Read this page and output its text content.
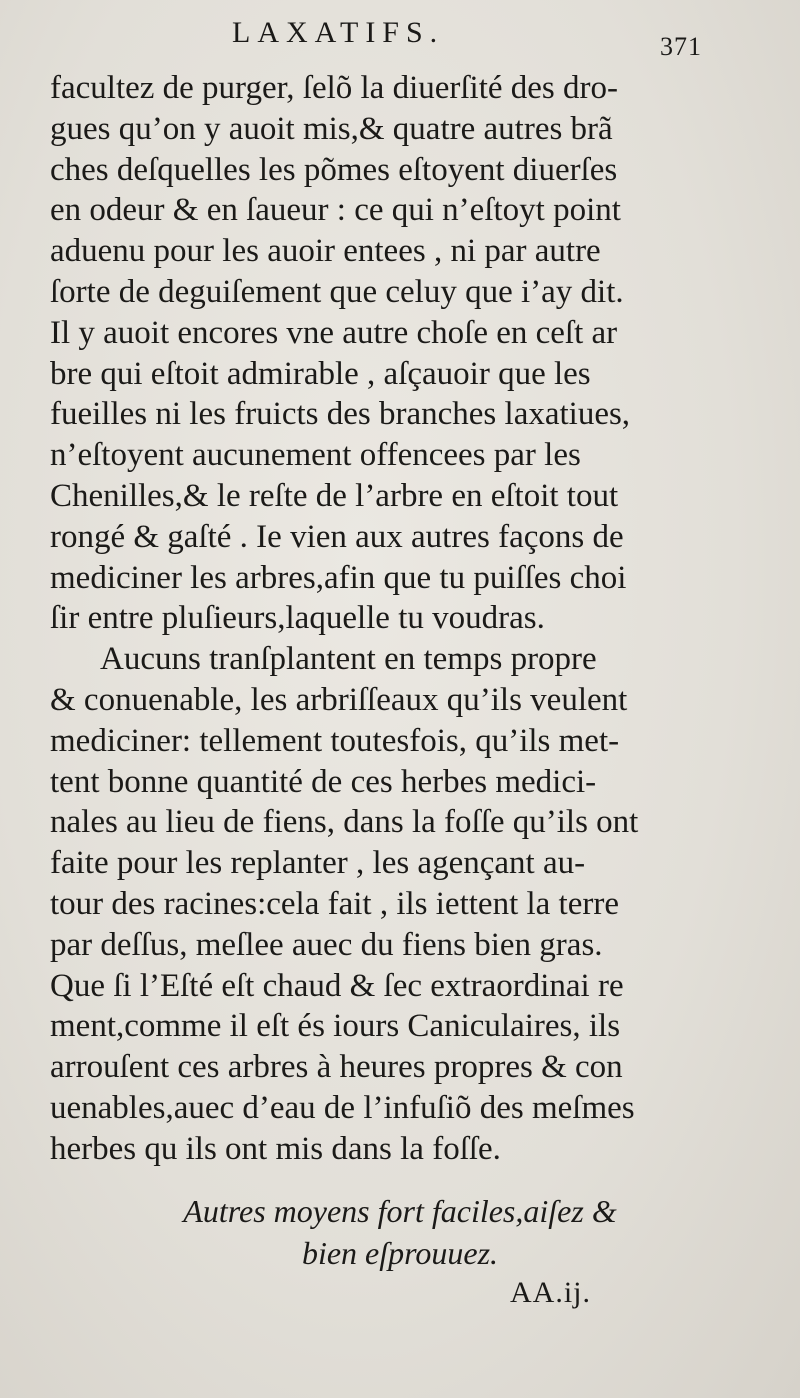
LAXATIFS.	371
facultez de purger, ſelõ la diuerſité des dro-
gues qu’on y auoit mis,& quatre autres brã
ches deſquelles les põmes eſtoyent diuerſes
en odeur & en ſaueur : ce qui n’eſtoyt point
aduenu pour les auoir entees , ni par autre
ſorte de deguiſement que celuy que i’ay dit.
Il y auoit encores vne autre choſe en ceſt ar
bre qui eſtoit admirable , aſçauoir que les
fueilles ni les fruicts des branches laxatiues,
n’eſtoyent aucunement offencees par les
Chenilles,& le reſte de l’arbre en eſtoit tout
rongé & gaſté . Ie vien aux autres façons de
mediciner les arbres,afin que tu puiſſes choi
ſir entre pluſieurs,laquelle tu voudras.
Aucuns tranſplantent en temps propre
& conuenable, les arbriſſeaux qu’ils veulent
mediciner: tellement toutesfois, qu’ils met-
tent bonne quantité de ces herbes medici-
nales au lieu de fiens, dans la foſſe qu’ils ont
faite pour les replanter , les agençant au-
tour des racines:cela fait , ils iettent la terre
par deſſus, meſlee auec du fiens bien gras.
Que ſi l’Eſté eſt chaud & ſec extraordinai re
ment,comme il eſt és iours Caniculaires, ils
arrouſent ces arbres à heures propres & con
uenables,auec d’eau de l’infuſiõ des meſmes
herbes qu ils ont mis dans la foſſe.
Autres moyens fort faciles,aiſez &
bien eſprouuez.
AA.ij.
